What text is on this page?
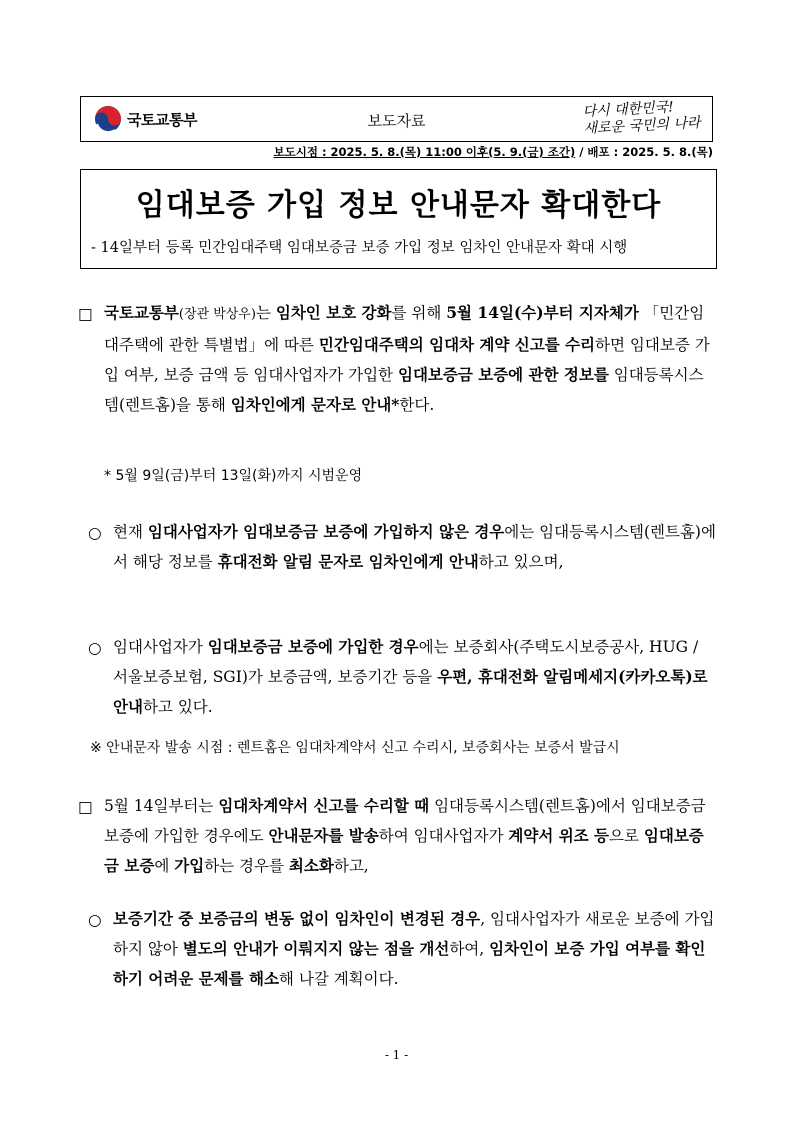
국토교통부	보도자료
다시 대한민국!
새로운 국민의 나라
보도시점 : 2025. 5. 8.(목) 11:00 이후(5. 9.(금) 조간) / 배포 : 2025. 5. 8.(목)
임대보증 가입 정보 안내문자 확대한다
- 14일부터 등록 민간임대주택 임대보증금 보증 가입 정보 임차인 안내문자 확대 시행
□ 국토교통부(장관 박상우)는 임차인 보호 강화를 위해 5월 14일(수)부터 지자체가 「민간임대주택에 관한 특별법」에 따른 민간임대주택의 임대차 계약 신고를 수리하면 임대보증 가입 여부, 보증 금액 등 임대사업자가 가입한 임대보증금 보증에 관한 정보를 임대등록시스템(렌트홈)을 통해 임차인에게 문자로 안내*한다.
* 5월 9일(금)부터 13일(화)까지 시범운영
○ 현재 임대사업자가 임대보증금 보증에 가입하지 않은 경우에는 임대등록시스템(렌트홈)에서 해당 정보를 휴대전화 알림 문자로 임차인에게 안내하고 있으며,
○ 임대사업자가 임대보증금 보증에 가입한 경우에는 보증회사(주택도시보증공사, HUG / 서울보증보험, SGI)가 보증금액, 보증기간 등을 우편, 휴대전화 알림메세지(카카오톡)로 안내하고 있다.
※ 안내문자 발송 시점 : 렌트홈은 임대차계약서 신고 수리시, 보증회사는 보증서 발급시
□ 5월 14일부터는 임대차계약서 신고를 수리할 때 임대등록시스템(렌트홈)에서 임대보증금 보증에 가입한 경우에도 안내문자를 발송하여 임대사업자가 계약서 위조 등으로 임대보증금 보증에 가입하는 경우를 최소화하고,
○ 보증기간 중 보증금의 변동 없이 임차인이 변경된 경우, 임대사업자가 새로운 보증에 가입하지 않아 별도의 안내가 이뤄지지 않는 점을 개선하여, 임차인이 보증 가입 여부를 확인하기 어려운 문제를 해소해 나갈 계획이다.
- 1 -
